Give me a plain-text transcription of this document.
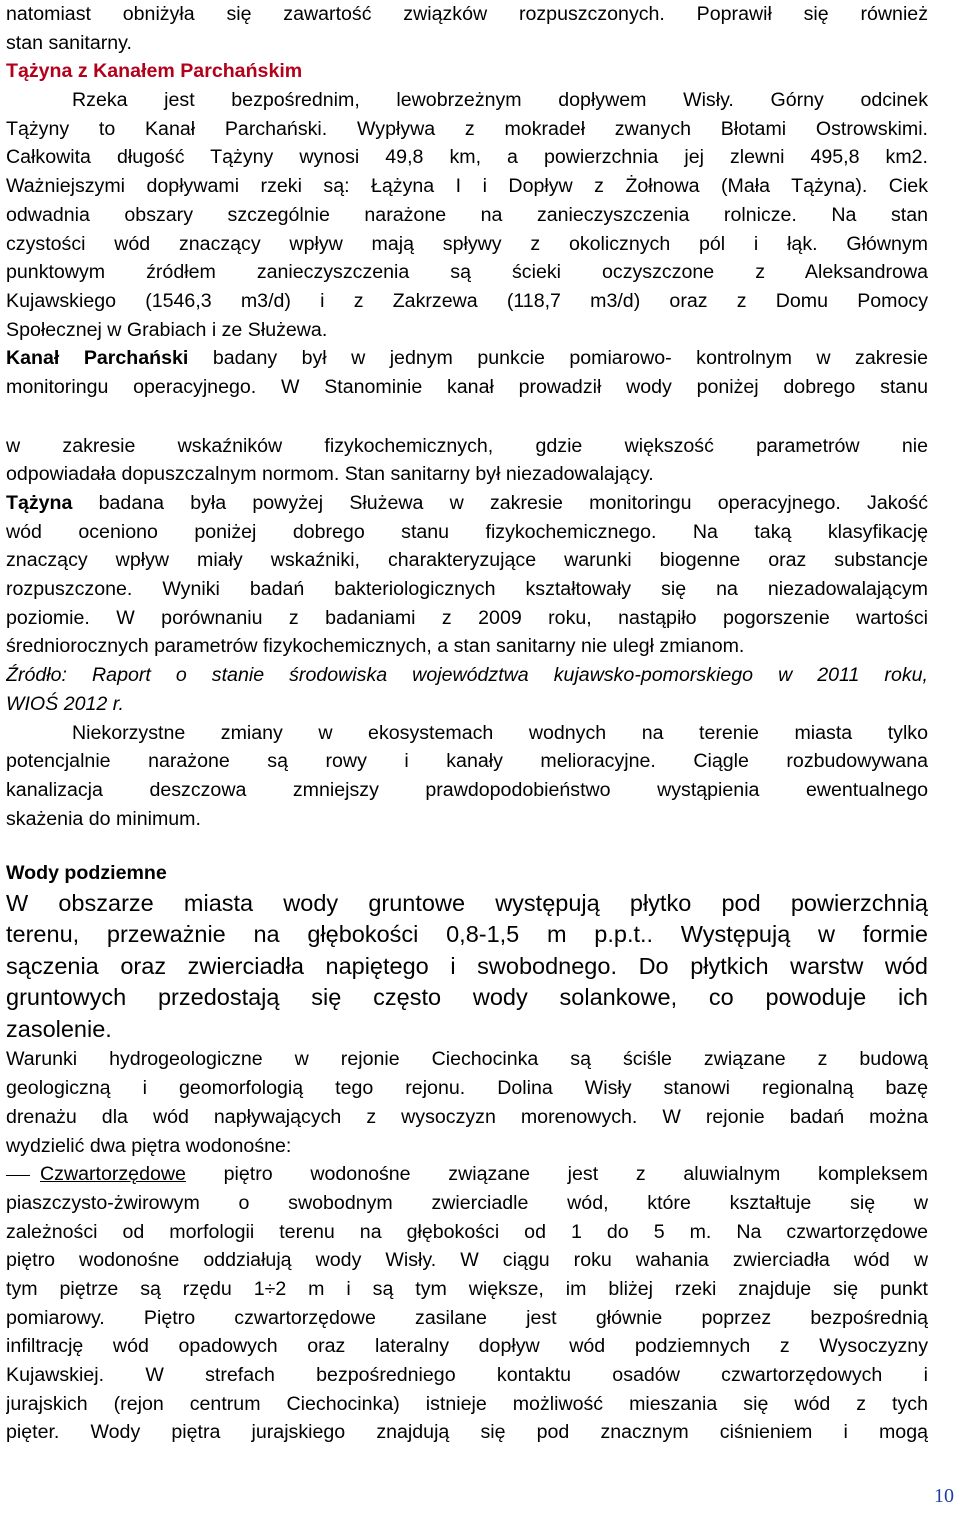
natomiast obniżyła się zawartość związków rozpuszczonych. Poprawił się również
stan sanitarny.
Tążyna z Kanałem Parchańskim
Rzeka jest bezpośrednim, lewobrzeżnym dopływem Wisły. Górny odcinek
Tążyny to Kanał Parchański. Wypływa z mokradeł zwanych Błotami Ostrowskimi.
Całkowita długość Tążyny wynosi 49,8 km, a powierzchnia jej zlewni 495,8 km2.
Ważniejszymi dopływami rzeki są: Łążyna I i Dopływ z Żołnowa (Mała Tążyna). Ciek
odwadnia obszary szczególnie narażone na zanieczyszczenia rolnicze. Na stan
czystości wód znaczący wpływ mają spływy z okolicznych pól i łąk. Głównym
punktowym źródłem zanieczyszczenia są ścieki oczyszczone z Aleksandrowa
Kujawskiego (1546,3 m3/d) i z Zakrzewa (118,7 m3/d) oraz z Domu Pomocy
Społecznej w Grabiach i ze Służewa.
Kanał Parchański badany był w jednym punkcie pomiarowo- kontrolnym w zakresie
monitoringu operacyjnego. W Stanominie kanał prowadził wody poniżej dobrego stanu
w zakresie wskaźników fizykochemicznych, gdzie większość parametrów nie
odpowiadała dopuszczalnym normom. Stan sanitarny był niezadowalający.
Tążyna badana była powyżej Służewa w zakresie monitoringu operacyjnego. Jakość
wód oceniono poniżej dobrego stanu fizykochemicznego. Na taką klasyfikację
znaczący wpływ miały wskaźniki, charakteryzujące warunki biogenne oraz substancje
rozpuszczone. Wyniki badań bakteriologicznych kształtowały się na niezadowalającym
poziomie. W porównaniu z badaniami z 2009 roku, nastąpiło pogorszenie wartości
średniorocznych parametrów fizykochemicznych, a stan sanitarny nie uległ zmianom.
Źródło: Raport o stanie środowiska województwa kujawsko-pomorskiego w 2011 roku,
WIOŚ 2012 r.
Niekorzystne zmiany w ekosystemach wodnych na terenie miasta tylko
potencjalnie narażone są rowy i kanały melioracyjne. Ciągle rozbudowywana
kanalizacja deszczowa zmniejszy prawdopodobieństwo wystąpienia ewentualnego
skażenia do minimum.
Wody podziemne
W obszarze miasta wody gruntowe występują płytko pod powierzchnią
terenu, przeważnie na głębokości 0,8-1,5 m p.p.t.. Występują w formie
sączenia oraz zwierciadła napiętego i swobodnego. Do płytkich warstw wód
gruntowych przedostają się często wody solankowe, co powoduje ich
zasolenie.
Warunki hydrogeologiczne w rejonie Ciechocinka są ściśle związane z budową
geologiczną i geomorfologią tego rejonu. Dolina Wisły stanowi regionalną bazę
drenażu dla wód napływających z wysoczyzn morenowych. W rejonie badań można
wydzielić dwa piętra wodonośne:
Czwartorzędowe piętro wodonośne związane jest z aluwialnym kompleksem
piaszczysto-żwirowym o swobodnym zwierciadle wód, które kształtuje się w
zależności od morfologii terenu na głębokości od 1 do 5 m. Na czwartorzędowe
piętro wodonośne oddziałują wody Wisły. W ciągu roku wahania zwierciadła wód w
tym piętrze są rzędu 1÷2 m i są tym większe, im bliżej rzeki znajduje się punkt
pomiarowy. Piętro czwartorzędowe zasilane jest głównie poprzez bezpośrednią
infiltrację wód opadowych oraz lateralny dopływ wód podziemnych z Wysoczyzny
Kujawskiej. W strefach bezpośredniego kontaktu osadów czwartorzędowych i
jurajskich (rejon centrum Ciechocinka) istnieje możliwość mieszania się wód z tych
pięter. Wody piętra jurajskiego znajdują się pod znacznym ciśnieniem i mogą
10
